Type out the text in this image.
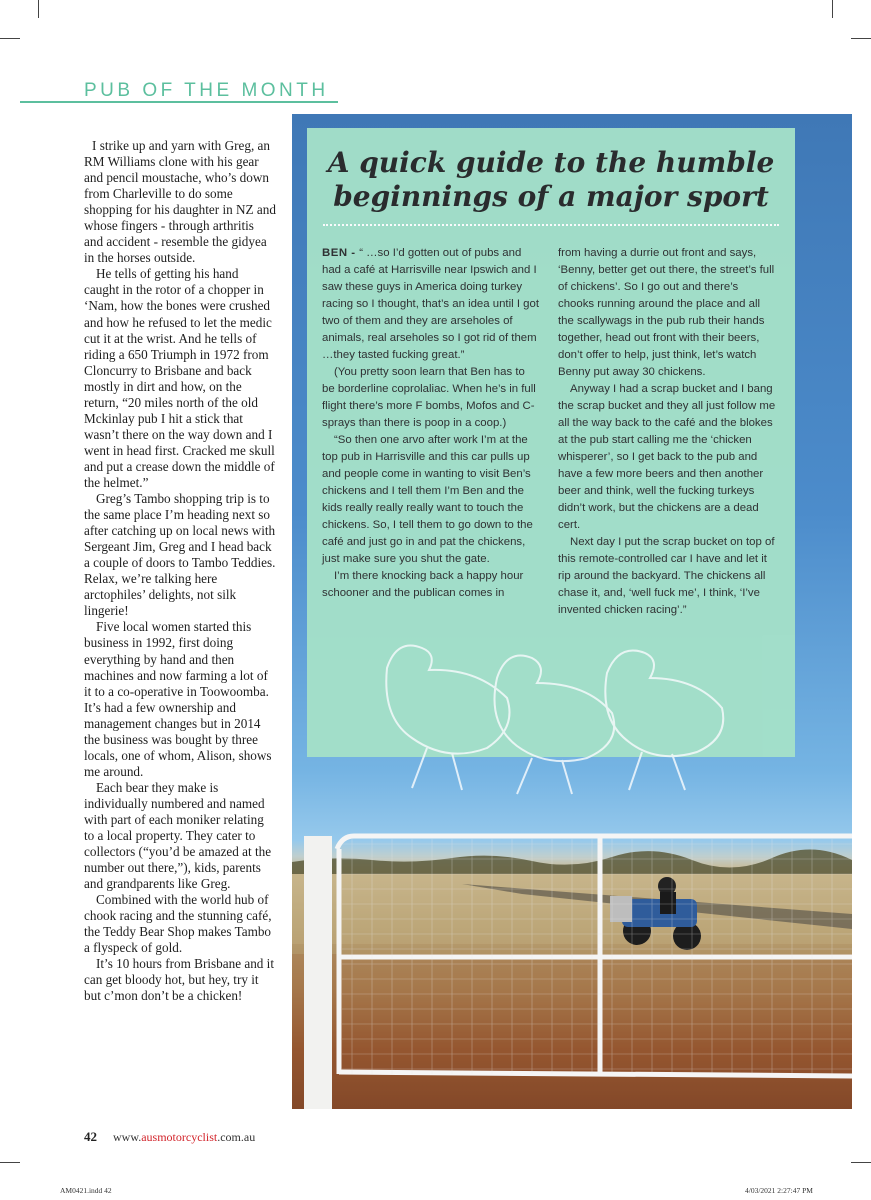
PUB OF THE MONTH

I strike up and yarn with Greg, an RM Williams clone with his gear and pencil moustache, who’s down from Charleville to do some shopping for his daughter in NZ and whose fingers - through arthritis and accident - resemble the gidyea in the horses outside.

He tells of getting his hand caught in the rotor of a chopper in ‘Nam, how the bones were crushed and how he refused to let the medic cut it at the wrist. And he tells of riding a 650 Triumph in 1972 from Cloncurry to Brisbane and back mostly in dirt and how, on the return, “20 miles north of the old Mckinlay pub I hit a stick that wasn’t there on the way down and I went in head first. Cracked me skull and put a crease down the middle of the helmet.”

Greg’s Tambo shopping trip is to the same place I’m heading next so after catching up on local news with Sergeant Jim, Greg and I head back a couple of doors to Tambo Teddies. Relax, we’re talking here arctophiles’ delights, not silk lingerie!

Five local women started this business in 1992, first doing everything by hand and then machines and now farming a lot of it to a co-operative in Toowoomba. It’s had a few ownership and management changes but in 2014 the business was bought by three locals, one of whom, Alison, shows me around.

Each bear they make is individually numbered and named with part of each moniker relating to a local property. They cater to collectors (“you’d be amazed at the number out there,”), kids, parents and grandparents like Greg.

Combined with the world hub of chook racing and the stunning café, the Teddy Bear Shop makes Tambo a flyspeck of gold.

It’s 10 hours from Brisbane and it can get bloody hot, but hey, try it but c’mon don’t be a chicken!

A quick guide to the humble
beginnings of a major sport

BEN - “ …so I’d gotten out of pubs and had a café at Harrisville near Ipswich and I saw these guys in America doing turkey racing so I thought, that’s an idea until I got two of them and they are arseholes of animals, real arseholes so I got rid of them …they tasted fucking great.”

(You pretty soon learn that Ben has to be borderline coprolaliac. When he’s in full flight there’s more F bombs, Mofos and C-sprays than there is poop in a coop.)

“So then one arvo after work I’m at the top pub in Harrisville and this car pulls up and people come in wanting to visit Ben’s chickens and I tell them I’m Ben and the kids really really really want to touch the chickens. So, I tell them to go down to the café and just go in and pat the chickens, just make sure you shut the gate.

I’m there knocking back a happy hour schooner and the publican comes in

from having a durrie out front and says, ‘Benny, better get out there, the street’s full of chickens’. So I go out and there’s chooks running around the place and all the scallywags in the pub rub their hands together, head out front with their beers, don’t offer to help, just think, let’s watch Benny put away 30 chickens.

Anyway I had a scrap bucket and I bang the scrap bucket and they all just follow me all the way back to the café and the blokes at the pub start calling me the ‘chicken whisperer’, so I get back to the pub and have a few more beers and then another beer and think, well the fucking turkeys didn’t work, but the chickens are a dead cert.

Next day I put the scrap bucket on top of this remote-controlled car I have and let it rip around the backyard. The chickens all chase it, and, ‘well fuck me’, I think, ‘I’ve invented chicken racing’.”

42 www.ausmotorcyclist.com.au
AM0421.indd 42	4/03/2021 2:27:47 PM
